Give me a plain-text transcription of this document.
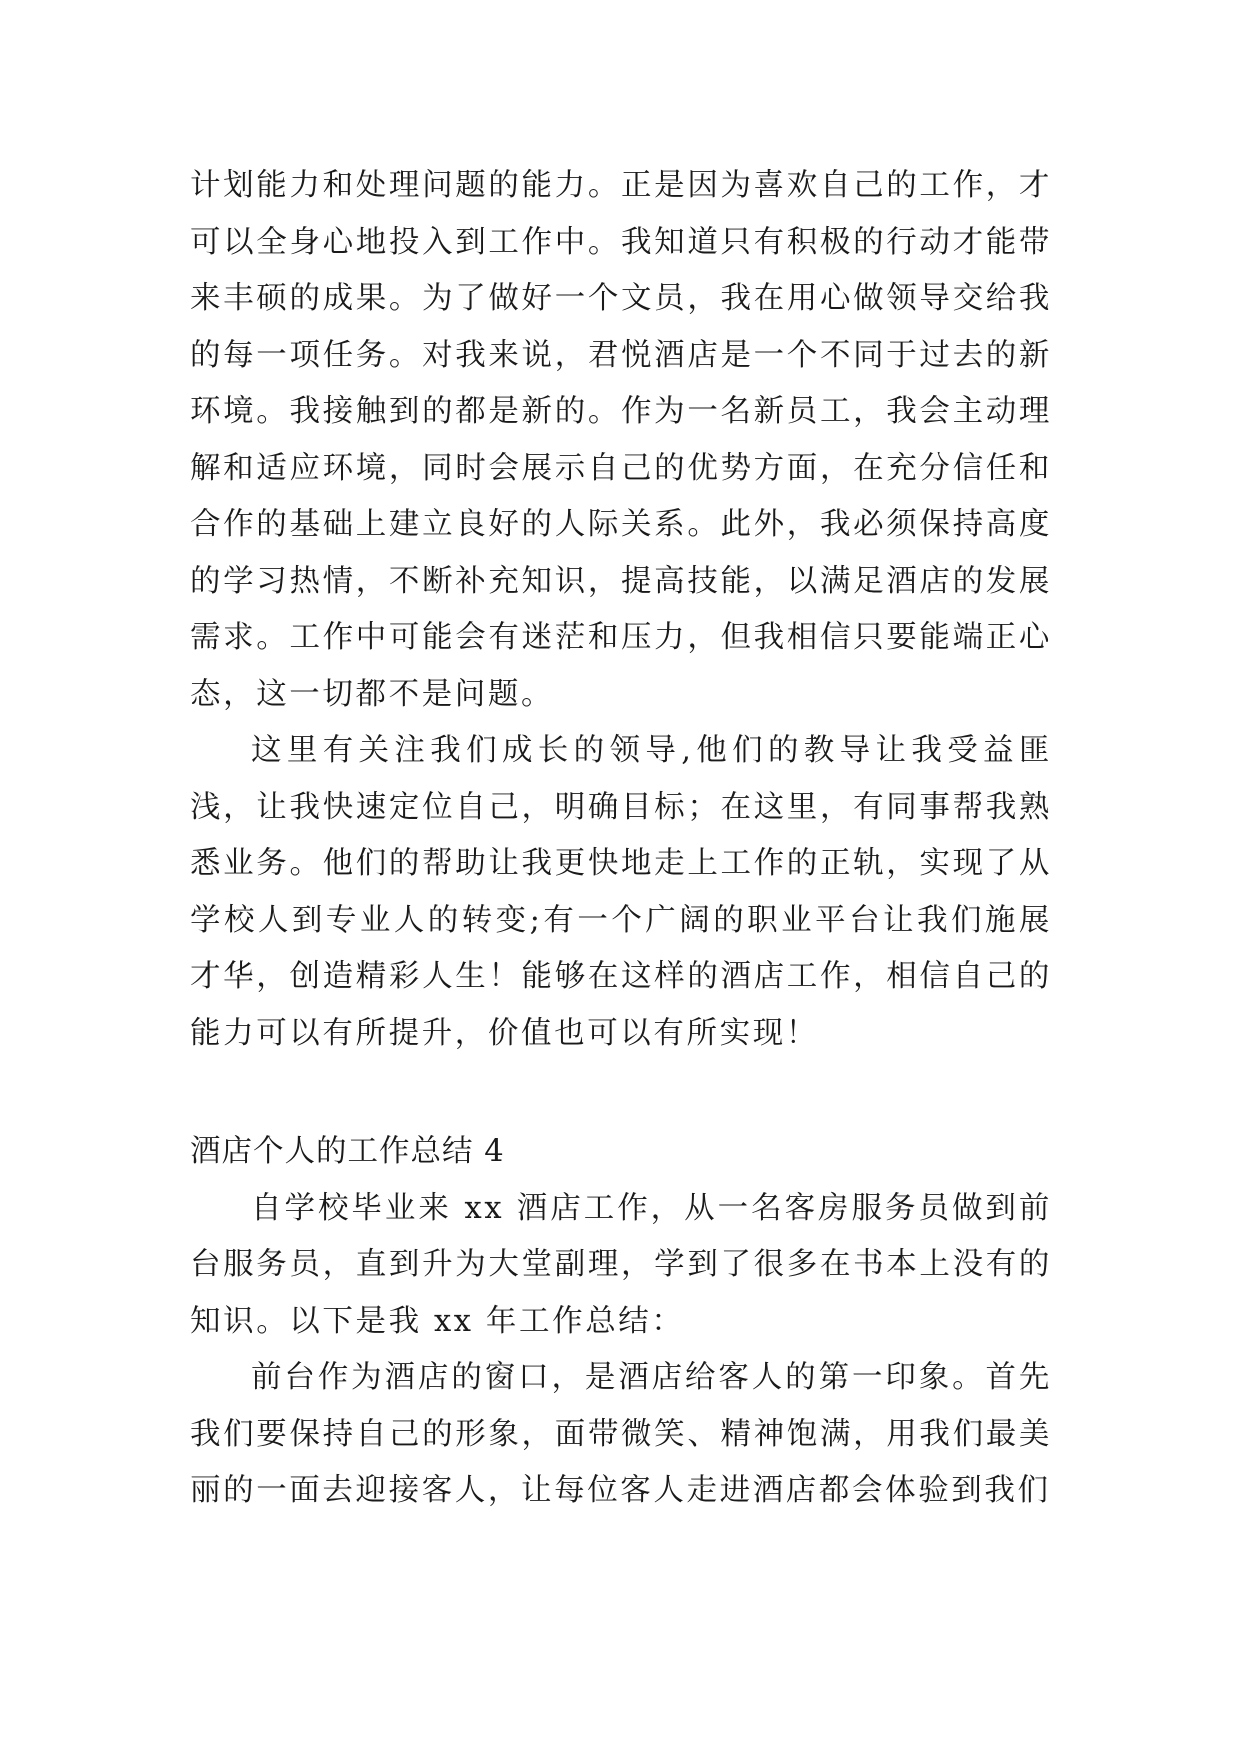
计划能力和处理问题的能力。正是因为喜欢自己的工作，才可以全身心地投入到工作中。我知道只有积极的行动才能带来丰硕的成果。为了做好一个文员，我在用心做领导交给我的每一项任务。对我来说，君悦酒店是一个不同于过去的新环境。我接触到的都是新的。作为一名新员工，我会主动理解和适应环境，同时会展示自己的优势方面，在充分信任和合作的基础上建立良好的人际关系。此外，我必须保持高度的学习热情，不断补充知识，提高技能，以满足酒店的发展需求。工作中可能会有迷茫和压力，但我相信只要能端正心态，这一切都不是问题。

这里有关注我们成长的领导,他们的教导让我受益匪浅，让我快速定位自己，明确目标；在这里，有同事帮我熟悉业务。他们的帮助让我更快地走上工作的正轨，实现了从学校人到专业人的转变;有一个广阔的职业平台让我们施展才华，创造精彩人生！能够在这样的酒店工作，相信自己的能力可以有所提升，价值也可以有所实现！

酒店个人的工作总结 4

自学校毕业来 xx 酒店工作，从一名客房服务员做到前台服务员，直到升为大堂副理，学到了很多在书本上没有的知识。以下是我 xx 年工作总结：

前台作为酒店的窗口，是酒店给客人的第一印象。首先我们要保持自己的形象，面带微笑、精神饱满，用我们最美丽的一面去迎接客人，让每位客人走进酒店都会体验到我们
